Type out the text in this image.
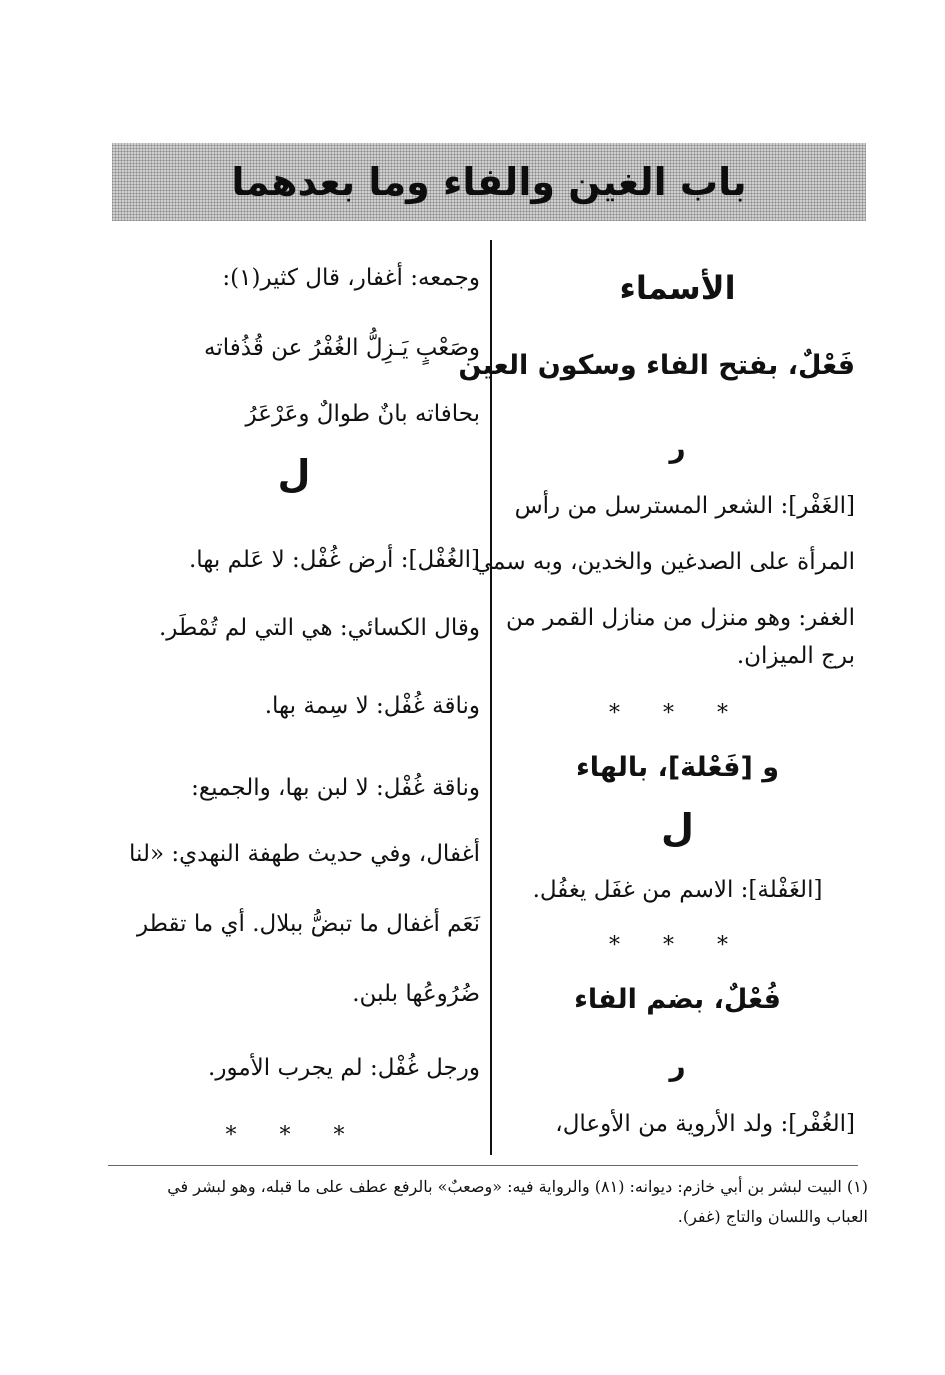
باب الغين والفاء وما بعدهما
الأسماء
فَعْلٌ، بفتح الفاء وسكون العين
ر
[الغَفْر]: الشعر المسترسل من رأس
المرأة على الصدغين والخدين، وبه سمي
الغفر: وهو منزل من منازل القمر من
برج الميزان.
* * *
و [فَعْلة]، بالهاء
ل
[الغَفْلة]: الاسم من غفَل يغفُل.
* * *
فُعْلٌ، بضم الفاء
ر
[الغُفْر]: ولد الأروية من الأوعال،
وجمعه: أغفار، قال كثير(١):
وصَعْبٍ يَـزِلُّ الغُفْرُ عن قُذُفاته
بحافاته بانٌ طوالٌ وعَرْعَرُ
ل
[الغُفْل]: أرض غُفْل: لا عَلم بها.
وقال الكسائي: هي التي لم تُمْطَر.
وناقة غُفْل: لا سِمة بها.
وناقة غُفْل: لا لبن بها، والجميع:
أغفال، وفي حديث طهفة النهدي: «لنا
نَعَم أغفال ما تبضُّ ببلال. أي ما تقطر
ضُرُوعُها بلبن.
ورجل غُفْل: لم يجرب الأمور.
* * *
(١) البيت لبشر بن أبي خازم: ديوانه: (٨١) والرواية فيه: «وصعبٌ» بالرفع عطف على ما قبله، وهو لبشر في
العباب واللسان والتاج (غفر).
